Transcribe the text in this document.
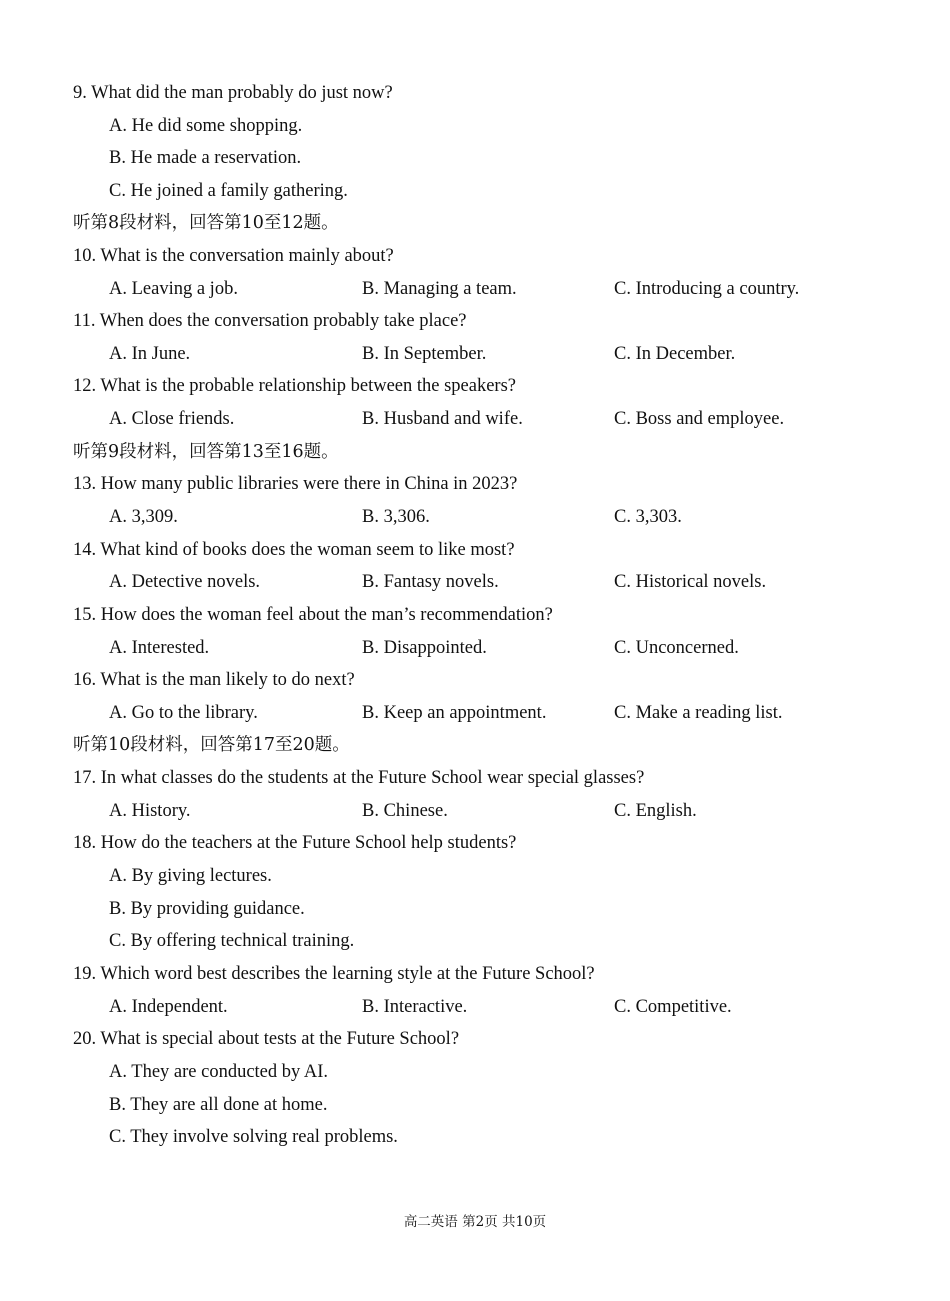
9. What did the man probably do just now?
A. He did some shopping.
B. He made a reservation.
C. He joined a family gathering.
听第8段材料，回答第10至12题。
10. What is the conversation mainly about?
A. Leaving a job.	B. Managing a team.	C. Introducing a country.
11. When does the conversation probably take place?
A. In June.	B. In September.	C. In December.
12. What is the probable relationship between the speakers?
A. Close friends.	B. Husband and wife.	C. Boss and employee.
听第9段材料，回答第13至16题。
13. How many public libraries were there in China in 2023?
A. 3,309.	B. 3,306.	C. 3,303.
14. What kind of books does the woman seem to like most?
A. Detective novels.	B. Fantasy novels.	C. Historical novels.
15. How does the woman feel about the man’s recommendation?
A. Interested.	B. Disappointed.	C. Unconcerned.
16. What is the man likely to do next?
A. Go to the library.	B. Keep an appointment.	C. Make a reading list.
听第10段材料，回答第17至20题。
17. In what classes do the students at the Future School wear special glasses?
A. History.	B. Chinese.	C. English.
18. How do the teachers at the Future School help students?
A. By giving lectures.
B. By providing guidance.
C. By offering technical training.
19. Which word best describes the learning style at the Future School?
A. Independent.	B. Interactive.	C. Competitive.
20. What is special about tests at the Future School?
A. They are conducted by AI.
B. They are all done at home.
C. They involve solving real problems.
高二英语 第2页 共10页
